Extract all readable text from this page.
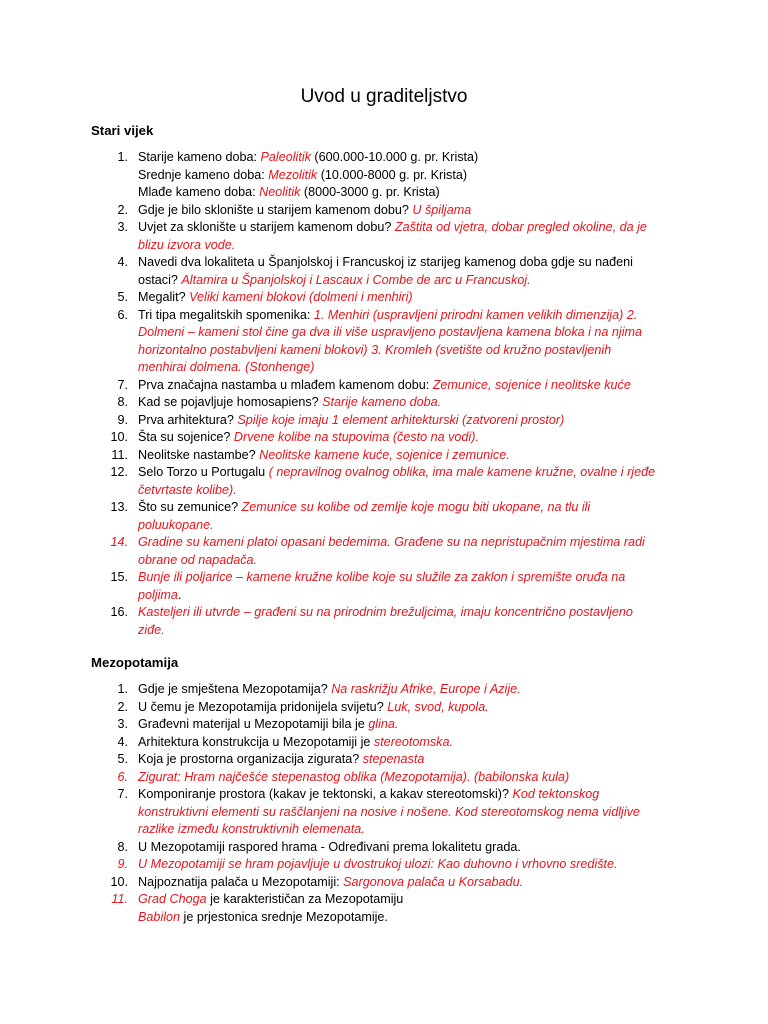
Uvod u graditeljstvo
Stari vijek
1. Starije kameno doba: Paleolitik (600.000-10.000 g. pr. Krista)
Srednje kameno doba: Mezolitik (10.000-8000 g. pr. Krista)
Mlađe kameno doba: Neolitik (8000-3000 g. pr. Krista)
2. Gdje je bilo sklonište u starijem kamenom dobu? U špiljama
3. Uvjet za sklonište u starijem kamenom dobu? Zaštita od vjetra, dobar pregled okoline, da je
blizu izvora vode.
4. Navedi dva lokaliteta u Španjolskoj i Francuskoj iz starijeg kamenog doba gdje su nađeni
ostaci? Altamira u Španjolskoj i Lascaux i Combe de arc u Francuskoj.
5. Megalit? Veliki kameni blokovi (dolmeni i menhiri)
6. Tri tipa megalitskih spomenika: 1. Menhiri (uspravljeni prirodni kamen velikih dimenzija) 2.
Dolmeni – kameni stol čine ga dva ili više uspravljeno postavljena kamena bloka i na njima
horizontalno postabvljeni kameni blokovi) 3. Kromleh (svetište od kružno postavljenih
menhirai dolmena. (Stonhenge)
7. Prva značajna nastamba u mlađem kamenom dobu: Zemunice, sojenice i neolitske kuće
8. Kad se pojavljuje homosapiens? Starije kameno doba.
9. Prva arhitektura? Spilje koje imaju 1 element arhitekturski (zatvoreni prostor)
10. Šta su sojenice? Drvene kolibe na stupovima (često na vodi).
11. Neolitske nastambe? Neolitske kamene kuće, sojenice i zemunice.
12. Selo Torzo u Portugalu ( nepravilnog ovalnog oblika, ima male kamene kružne, ovalne i rjeđe
četvrtaste kolibe).
13. Što su zemunice? Zemunice su kolibe od zemlje koje mogu biti ukopane, na tlu ili
poluukopane.
14. Gradine su kameni platoi opasani bedemima. Građene su na nepristupačnim mjestima radi
obrane od napadača.
15. Bunje ili poljarice – kamene kružne kolibe koje su služile za zaklon i spremište oruđa na
poljima.
16. Kasteljeri ili utvrde – građeni su na prirodnim brežuljcima, imaju koncentrično postavljeno
ziđe.
Mezopotamija
1. Gdje je smještena Mezopotamija? Na raskrižju Afrike, Europe i Azije.
2. U čemu je Mezopotamija pridonijela svijetu? Luk, svod, kupola.
3. Građevni materijal u Mezopotamiji bila je glina.
4. Arhitektura konstrukcija u Mezopotamiji je stereotomska.
5. Koja je prostorna organizacija zigurata? stepenasta
6. Zigurat: Hram najčešće stepenastog oblika (Mezopotamija). (babilonska kula)
7. Komponiranje prostora (kakav je tektonski, a kakav stereotomski)? Kod tektonskog
konstruktivni elementi su raščlanjeni na nosive i nošene. Kod stereotomskog nema vidljive
razlike između konstruktivnih elemenata.
8. U Mezopotamiji raspored hrama - Određivani prema lokalitetu grada.
9. U Mezopotamiji se hram pojavljuje u dvostrukoj ulozi: Kao duhovno i vrhovno središte.
10. Najpoznatija palača u Mezopotamiji: Sargonova palača u Korsabadu.
11. Grad Choga je karakterističan za Mezopotamiju
Babilon je prjestonica srednje Mezopotamije.
